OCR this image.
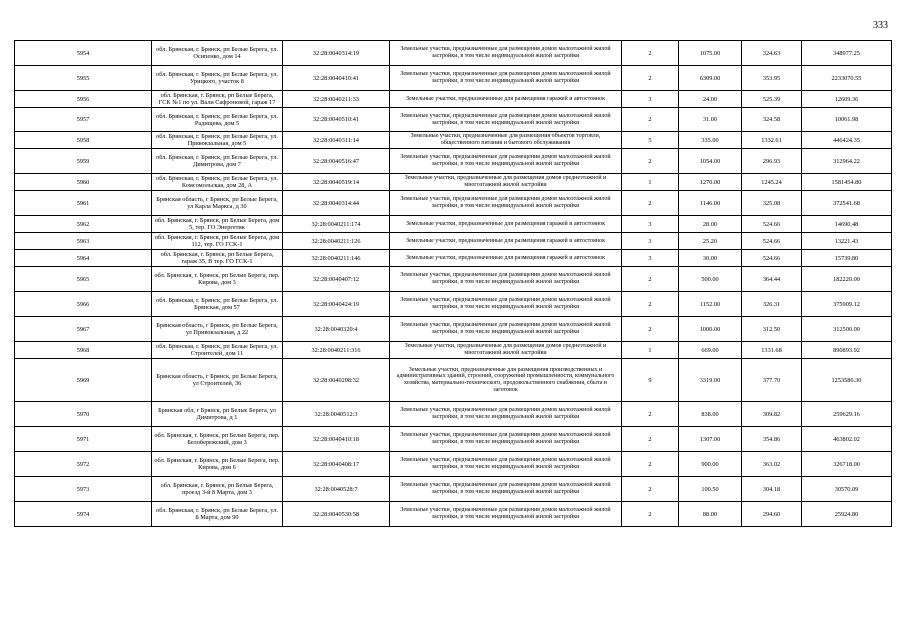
333
5954	обл. Брянская, г. Брянск, рп Белые Берега, ул. Осипенко, дом 14	32:28:0040314:19	Земельные участки, предназначенные для размещения домов малоэтажной жилой застройки, в том числе индивидуальной жилой застройки	2	1075.00	324.63	348977.25
5955	обл. Брянская, г. Брянск, рп Белые Берега, ул. Урицкого, участок 8	32:28:0040410:41	Земельные участки, предназначенные для размещения домов малоэтажной жилой застройки, в том числе индивидуальной жилой застройки	2	6309.00	353.95	2233070.55
5956	обл. Брянская, г. Брянск, рп Белые Берега, ГСК №1 по ул. Вали Сафроновой, гараж 17	32:28:0040211:33	Земельные участки, предназначенные для размещения гаражей и автостоянок	3	24.00	525.39	12609.36
5957	обл. Брянская, г. Брянск, рп Белые Берега, ул. Радищева, дом 5	32:28:0040510:41	Земельные участки, предназначенные для размещения домов малоэтажной жилой застройки, в том числе индивидуальной жилой застройки	2	31.00	324.58	10061.98
5958	обл. Брянская, г. Брянск, рп Белые Берега, ул. Привокзальная, дом 5	32:28:0040311:14	Земельные участки, предназначенные для размещения объектов торговли, общественного питания и бытового обслуживания	5	335.00	1332.61	446424.35
5959	обл. Брянская, г. Брянск, рп Белые Берега, ул. Димитрова, дом 7	32:28:0040516:47	Земельные участки, предназначенные для размещения домов малоэтажной жилой застройки, в том числе индивидуальной жилой застройки	2	1054.00	296.93	312964.22
5960	обл. Брянская, г. Брянск, рп Белые Берега, ул. Комсомольская, дом 28, А	32:28:0040519:14	Земельные участки, предназначенные для размещения домов среднеэтажной и многоэтажной жилой застройки	1	1270.00	1245.24	1581454.80
5961	Брянская область, г Брянск, рп Белые Берега, ул Карла Маркса, д 30	32:28:0040314:44	Земельные участки, предназначенные для размещения домов малоэтажной жилой застройки, в том числе индивидуальной жилой застройки	2	1146.00	325.08	372541.68
5962	обл. Брянская, г. Брянск, рп Белые Берега, дом 5, тер. ГО Энергетик	32:28:0040211:174	Земельные участки, предназначенные для размещения гаражей и автостоянок	3	28.00	524.66	14690.48
5963	обл. Брянская, г. Брянск, рп Белые Берега, дом 112, тер. ГО ГСК-1	32:28:0040211:126	Земельные участки, предназначенные для размещения гаражей и автостоянок	3	25.20	524.66	13221.43
5964	обл. Брянская, г. Брянск, рп Белые Берега, гараж 35, В тер. ГО ГСК-1	32:28:0040211:146	Земельные участки, предназначенные для размещения гаражей и автостоянок	3	30.00	524.66	15739.80
5965	обл. Брянская, г. Брянск, рп Белые Берега, пер. Кирова, дом 3	32:28:0040407:12	Земельные участки, предназначенные для размещения домов малоэтажной жилой застройки, в том числе индивидуальной жилой застройки	2	500.00	364.44	182220.00
5966	обл. Брянская, г. Брянск, рп Белые Берега, ул. Брянская, дом 57	32:28:0040424:19	Земельные участки, предназначенные для размещения домов малоэтажной жилой застройки, в том числе индивидуальной жилой застройки	2	1152.00	326.31	375909.12
5967	Брянская область, г Брянск, рп Белые Берега, ул Привокзальная, д 22	32:28:0040320:4	Земельные участки, предназначенные для размещения домов малоэтажной жилой застройки, в том числе индивидуальной жилой застройки	2	1000.00	312.50	312500.00
5968	обл. Брянская, г. Брянск, рп Белые Берега, ул. Строителей, дом 11	32:28:0040211:316	Земельные участки, предназначенные для размещения домов среднеэтажной и многоэтажной жилой застройки	1	669.00	1331.68	890893.92
5969	Брянская область, г Брянск, рп Белые Берега, ул Строителей, 36	32:28:0040208:32	Земельные участки, предназначенные для размещения производственных и административных зданий, строений, сооружений промышленности, коммунального хозяйства, материально-технического, продовольственного снабжения, сбыта и заготовок	9	3319.00	377.70	1253586.30
5970	Брянская обл, г Брянск, рп Белые Берега, ул Димитрова, д 1	32:28:0040512:3	Земельные участки, предназначенные для размещения домов малоэтажной жилой застройки, в том числе индивидуальной жилой застройки	2	838.00	309.82	259629.16
5971	обл. Брянская, г. Брянск, рп Белые Берега, пер. Белобережский, дом 3	32:28:0040410:18	Земельные участки, предназначенные для размещения домов малоэтажной жилой застройки, в том числе индивидуальной жилой застройки	2	1307.00	354.86	463802.02
5972	обл. Брянская, г. Брянск, рп Белые Берега, пер. Кирова, дом 6	32:28:0040408:17	Земельные участки, предназначенные для размещения домов малоэтажной жилой застройки, в том числе индивидуальной жилой застройки	2	900.00	363.02	326718.00
5973	обл. Брянская, г. Брянск, рп Белые Берега, проезд 3-й 8 Марта, дом 3	32:28:0040528:7	Земельные участки, предназначенные для размещения домов малоэтажной жилой застройки, в том числе индивидуальной жилой застройки	2	100.50	304.18	30570.09
5974	обл. Брянская, г. Брянск, рп Белые Берега, ул. 8 Марта, дом 90	32:28:0040530:58	Земельные участки, предназначенные для размещения домов малоэтажной жилой застройки, в том числе индивидуальной жилой застройки	2	88.00	294.60	25924.80
